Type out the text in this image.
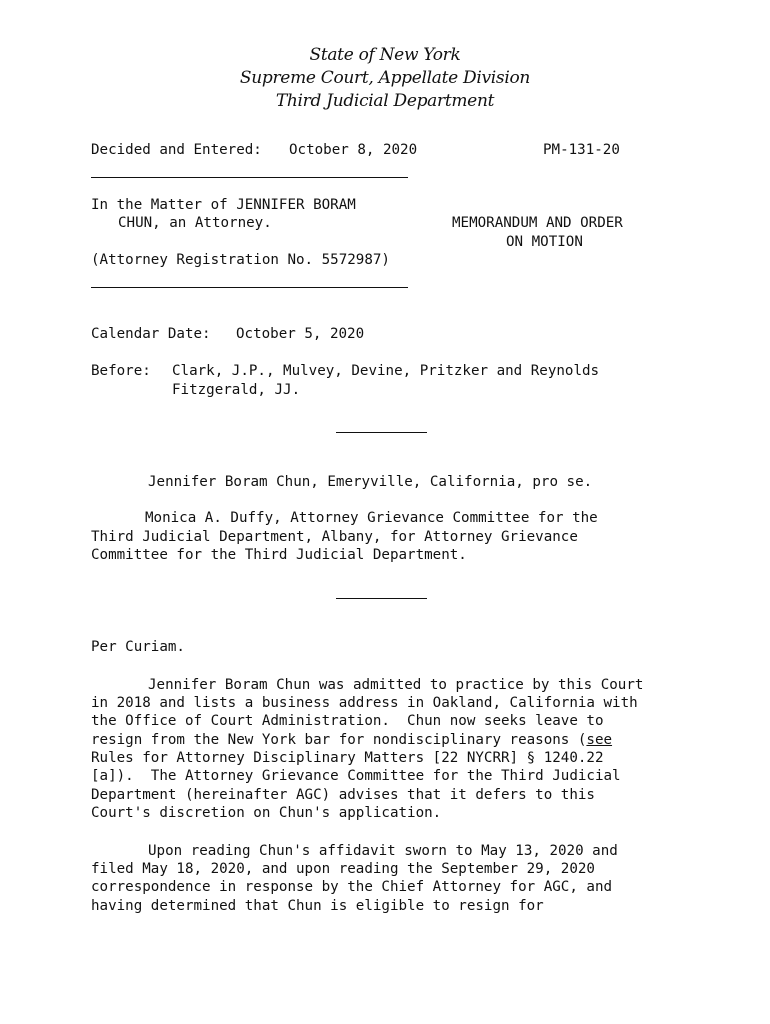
State of New York
Supreme Court, Appellate Division
Third Judicial Department
Decided and Entered: October 8, 2020	PM-131-20
In the Matter of JENNIFER BORAM
CHUN, an Attorney.	MEMORANDUM AND ORDER
ON MOTION
(Attorney Registration No. 5572987)
Calendar Date: October 5, 2020
Before: Clark, J.P., Mulvey, Devine, Pritzker and Reynolds
Fitzgerald, JJ.
Jennifer Boram Chun, Emeryville, California, pro se.
Monica A. Duffy, Attorney Grievance Committee for the
Third Judicial Department, Albany, for Attorney Grievance
Committee for the Third Judicial Department.
Per Curiam.
Jennifer Boram Chun was admitted to practice by this Court
in 2018 and lists a business address in Oakland, California with
the Office of Court Administration.  Chun now seeks leave to
resign from the New York bar for nondisciplinary reasons (see
Rules for Attorney Disciplinary Matters [22 NYCRR] § 1240.22
[a]).  The Attorney Grievance Committee for the Third Judicial
Department (hereinafter AGC) advises that it defers to this
Court's discretion on Chun's application.
Upon reading Chun's affidavit sworn to May 13, 2020 and
filed May 18, 2020, and upon reading the September 29, 2020
correspondence in response by the Chief Attorney for AGC, and
having determined that Chun is eligible to resign for
